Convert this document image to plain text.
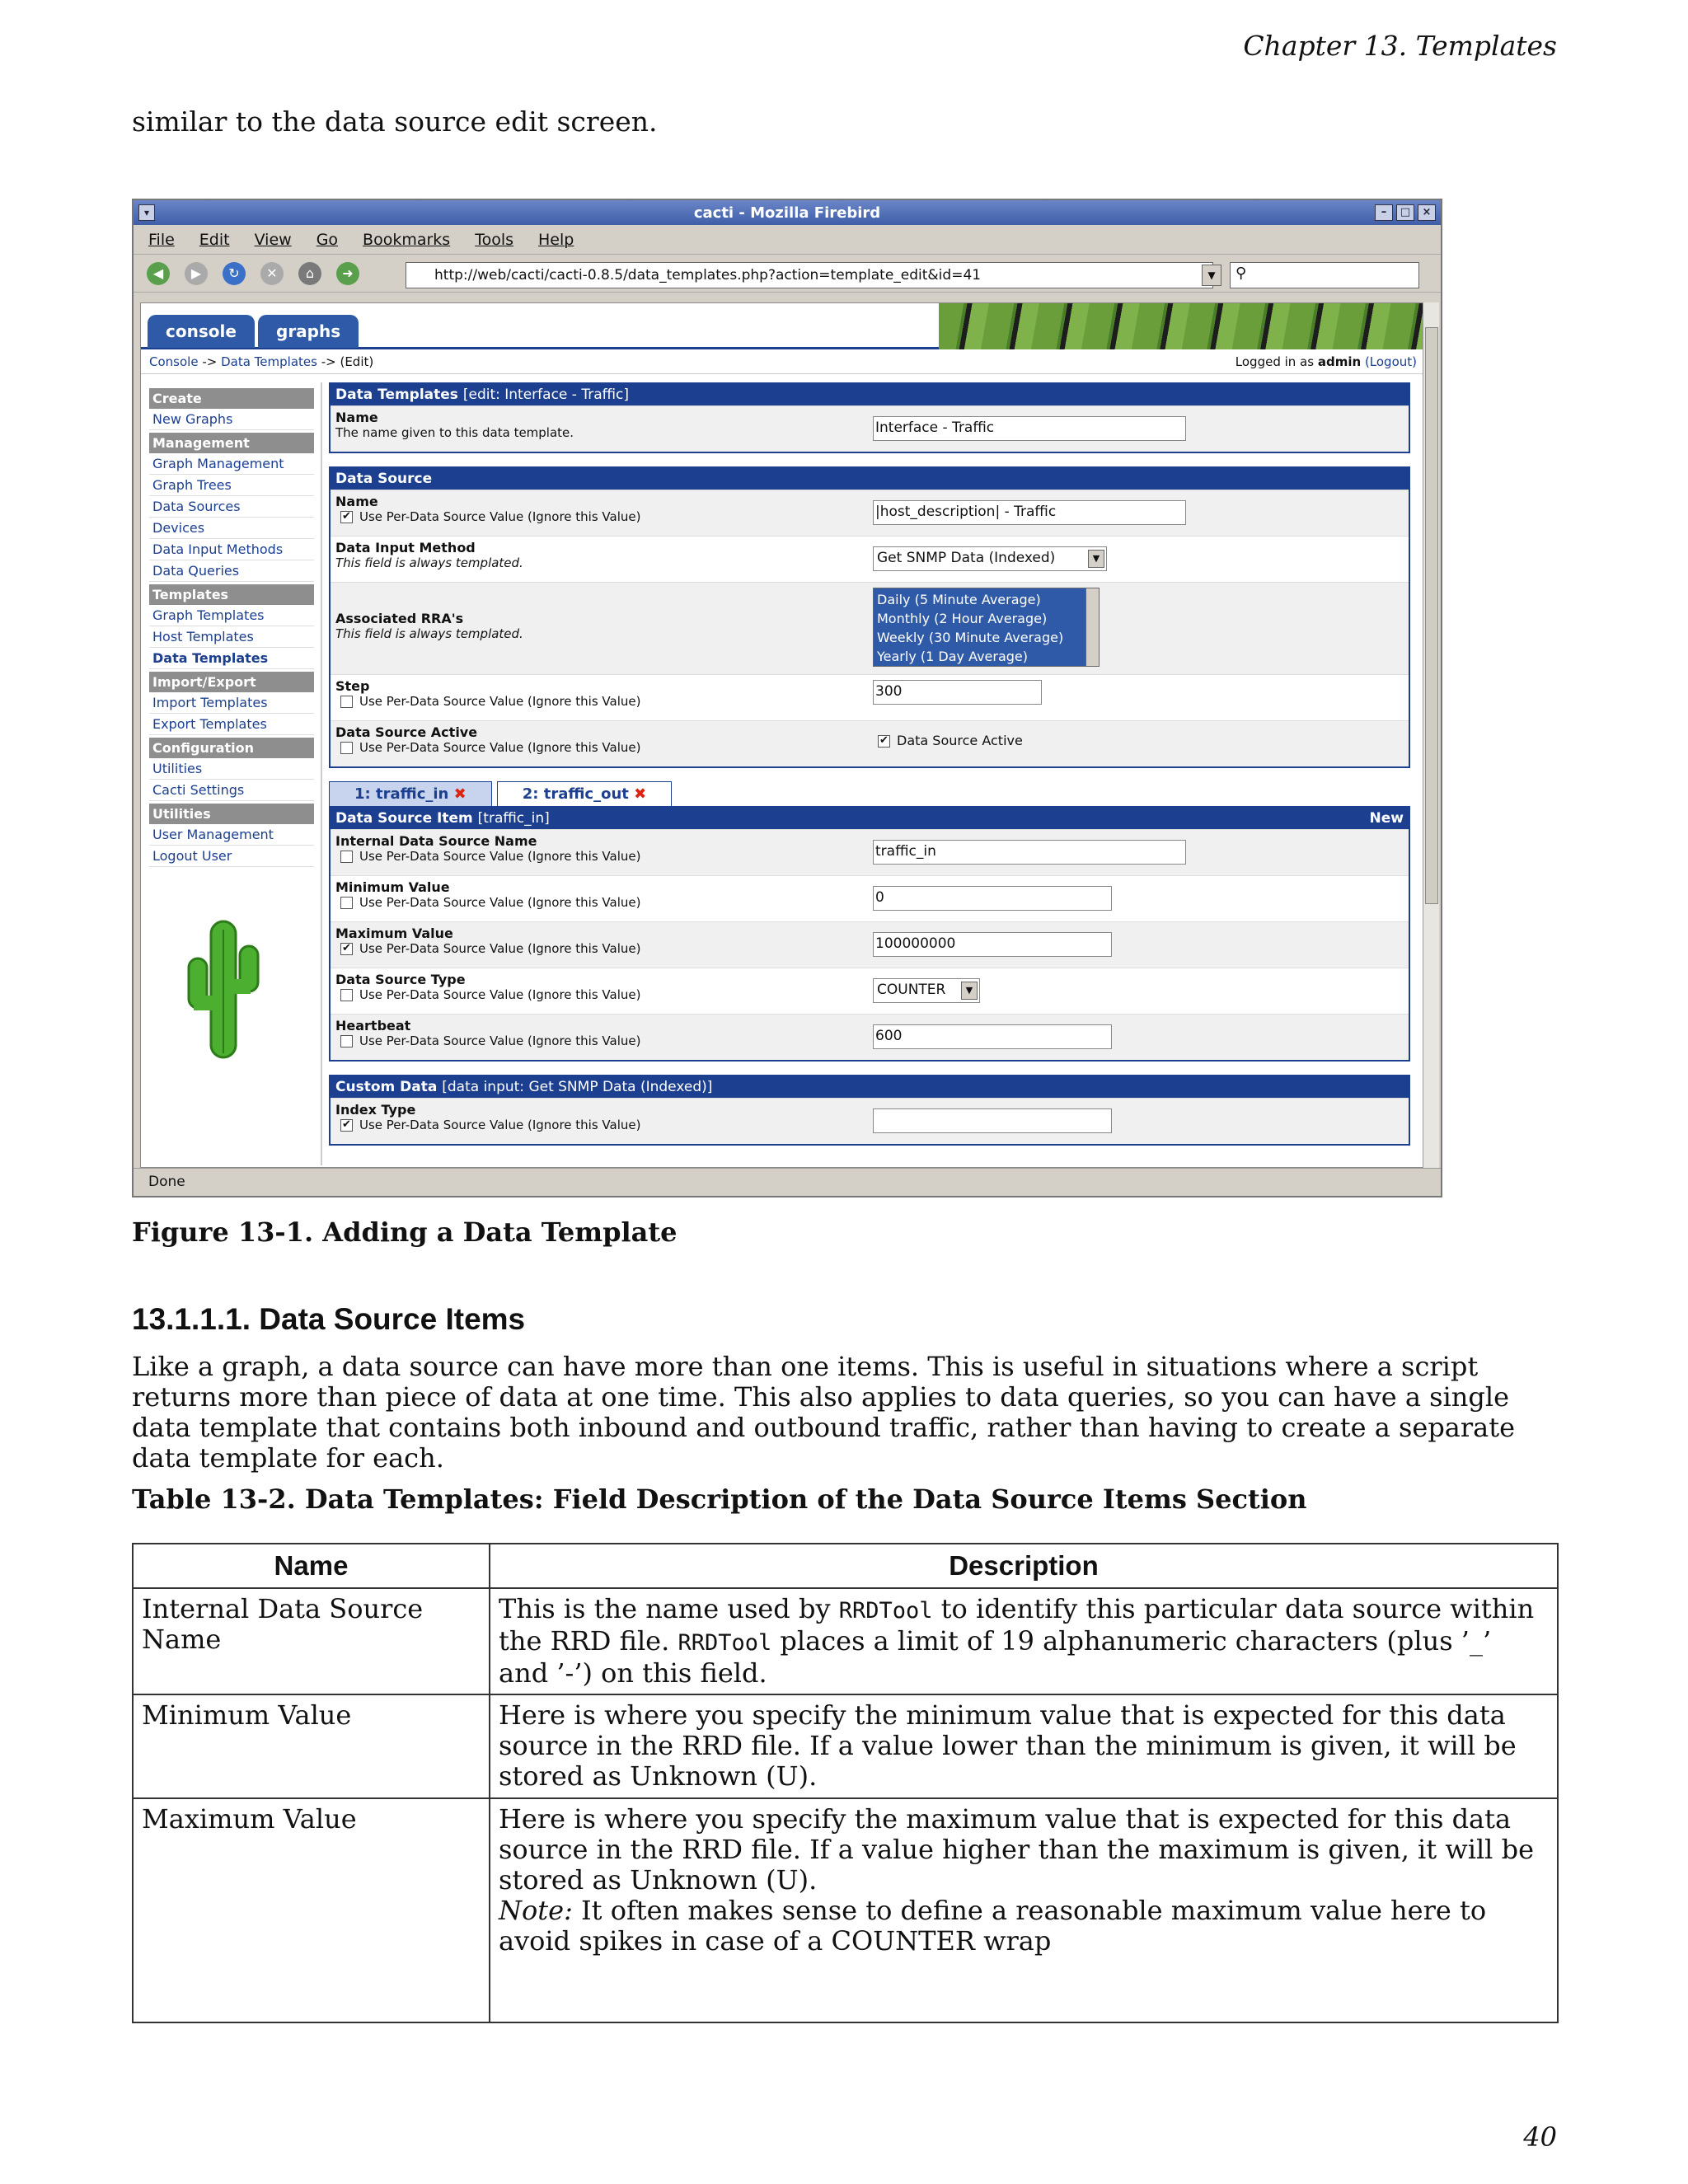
Chapter 13. Templates
similar to the data source edit screen.
▾	cacti - Mozilla Firebird	–	□	×
File Edit View Go Bookmarks Tools Help
◀	▶	↻	✕	⌂	➜	http://web/cacti/cacti-0.8.5/data_templates.php?action=template_edit&id=41	▼	⚲
console	graphs
Console -> Data Templates -> (Edit)	Logged in as admin (Logout)
Create
New Graphs
Management
Graph Management
Graph Trees
Data Sources
Devices
Data Input Methods
Data Queries
Templates
Graph Templates
Host Templates
Data Templates
Import/Export
Import Templates
Export Templates
Configuration
Utilities
Cacti Settings
Utilities
User Management
Logout User
Data Templates [edit: Interface - Traffic]
Name
The name given to this data template.	Interface - Traffic
Data Source
Name
✔ Use Per-Data Source Value (Ignore this Value)	|host_description| - Traffic
Data Input Method
This field is always templated.	Get SNMP Data (Indexed)	▼
Associated RRA's
This field is always templated.
Daily (5 Minute Average)
Monthly (2 Hour Average)
Weekly (30 Minute Average)
Yearly (1 Day Average)
Step
Use Per-Data Source Value (Ignore this Value)
300
Data Source Active
Use Per-Data Source Value (Ignore this Value)	✔ Data Source Active
1: traffic_in ✖	2: traffic_out ✖
Data Source Item [traffic_in]	New
Internal Data Source Name
Use Per-Data Source Value (Ignore this Value)	traffic_in
Minimum Value
Use Per-Data Source Value (Ignore this Value)	0
Maximum Value
✔ Use Per-Data Source Value (Ignore this Value)	100000000
Data Source Type
Use Per-Data Source Value (Ignore this Value)	COUNTER	▼
Heartbeat
Use Per-Data Source Value (Ignore this Value)	600
Custom Data [data input: Get SNMP Data (Indexed)]
Index Type
✔ Use Per-Data Source Value (Ignore this Value)
Done
Figure 13-1. Adding a Data Template
13.1.1.1. Data Source Items
Like a graph, a data source can have more than one items. This is useful in situations where a script returns more than piece of data at one time. This also applies to data queries, so you can have a single data template that contains both inbound and outbound traffic, rather than having to create a separate data template for each.
Table 13-2. Data Templates: Field Description of the Data Source Items Section
Name	Description
Internal Data Source Name	This is the name used by RRDTool to identify this particular data source within the RRD file. RRDTool places a limit of 19 alphanumeric characters (plus ’_’ and ’-’) on this field.
Minimum Value	Here is where you specify the minimum value that is expected for this data source in the RRD file. If a value lower than the minimum is given, it will be stored as Unknown (U).
Maximum Value	Here is where you specify the maximum value that is expected for this data source in the RRD file. If a value higher than the maximum is given, it will be stored as Unknown (U).
Note: It often makes sense to define a reasonable maximum value here to avoid spikes in case of a COUNTER wrap
40
